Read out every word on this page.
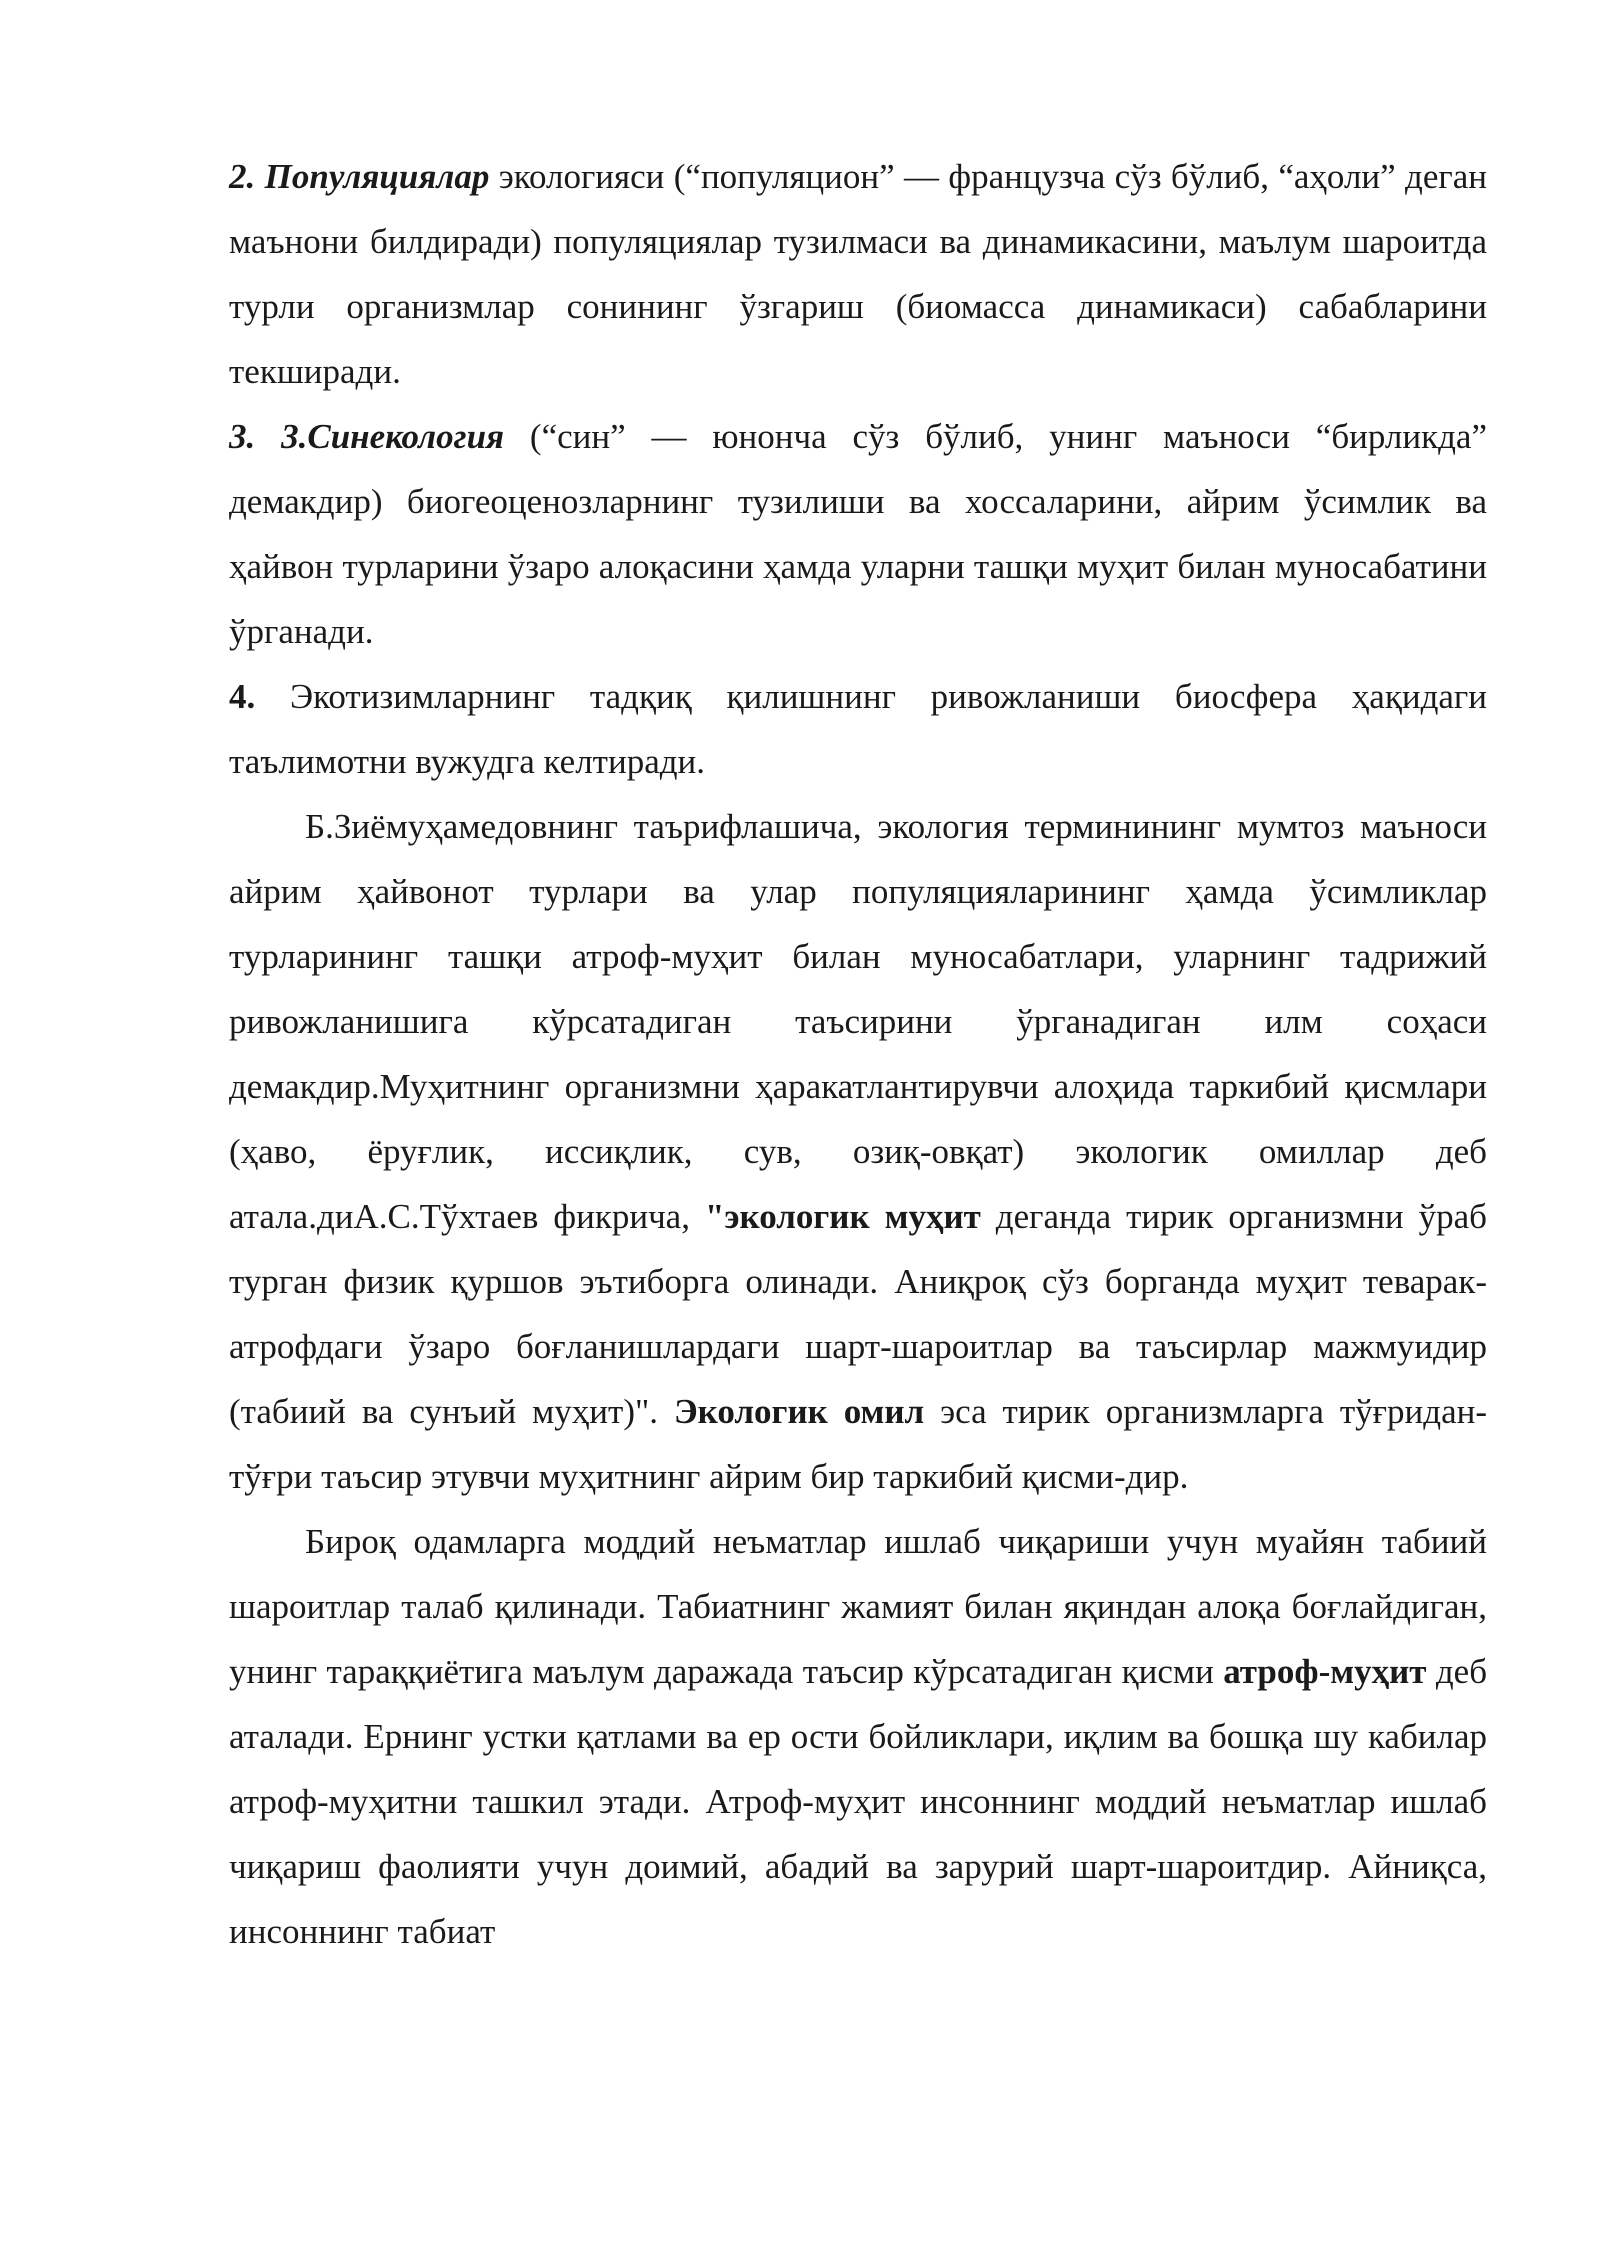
2. Популяциялар экологияси (“популяцион” — французча сўз бўлиб, “аҳоли” деган маънони билдиради) популяциялар тузилмаси ва динамикасини, маълум шароитда турли организмлар сонининг ўзгариш (биомасса динамикаси) сабабларини текширади.

3. 3.Синекология (“син” — юнонча сўз бўлиб, унинг маъноси “бирликда” демакдир) биогеоценозларнинг тузилиши ва хоссаларини, айрим ўсимлик ва ҳайвон турларини ўзаро алоқасини ҳамда уларни ташқи муҳит билан муносабатини ўрганади.

4. Экотизимларнинг тадқиқ қилишнинг ривожланиши биосфера ҳақидаги таълимотни вужудга келтиради.

Б.Зиёмуҳамедовнинг таърифлашича, экология терминининг мумтоз маъноси айрим ҳайвонот турлари ва улар популяцияларининг ҳамда ўсимликлар турларининг ташқи атроф-муҳит билан муносабатлари, уларнинг тадрижий ривожланишига кўрсатадиган таъсирини ўрганадиган илм соҳаси демакдир.Муҳитнинг организмни ҳаракатлантирувчи алоҳида таркибий қисмлари (ҳаво, ёруғлик, иссиқлик, сув, озиқ-овқат) экологик омиллар деб атала.диА.С.Тўхтаев фикрича, "экологик муҳит деганда тирик организмни ўраб турган физик қуршов эътиборга олинади. Аниқроқ сўз борганда муҳит теварак-атрофдаги ўзаро боғланишлардаги шарт-шароитлар ва таъсирлар мажмуидир (табиий ва сунъий муҳит)". Экологик омил эса тирик организмларга тўғридан-тўғри таъсир этувчи муҳитнинг айрим бир таркибий қисми-дир.

Бироқ одамларга моддий неъматлар ишлаб чиқариши учун муайян табиий шароитлар талаб қилинади. Табиатнинг жамият билан яқиндан алоқа боғлайдиган, унинг тараққиётига маълум даражада таъсир кўрсатадиган қисми атроф-муҳит деб аталади. Ернинг устки қатлами ва ер ости бойликлари, иқлим ва бошқа шу кабилар атроф-муҳитни ташкил этади. Атроф-муҳит инсоннинг моддий неъматлар ишлаб чиқариш фаолияти учун доимий, абадий ва зарурий шарт-шароитдир. Айниқса, инсоннинг табиат
